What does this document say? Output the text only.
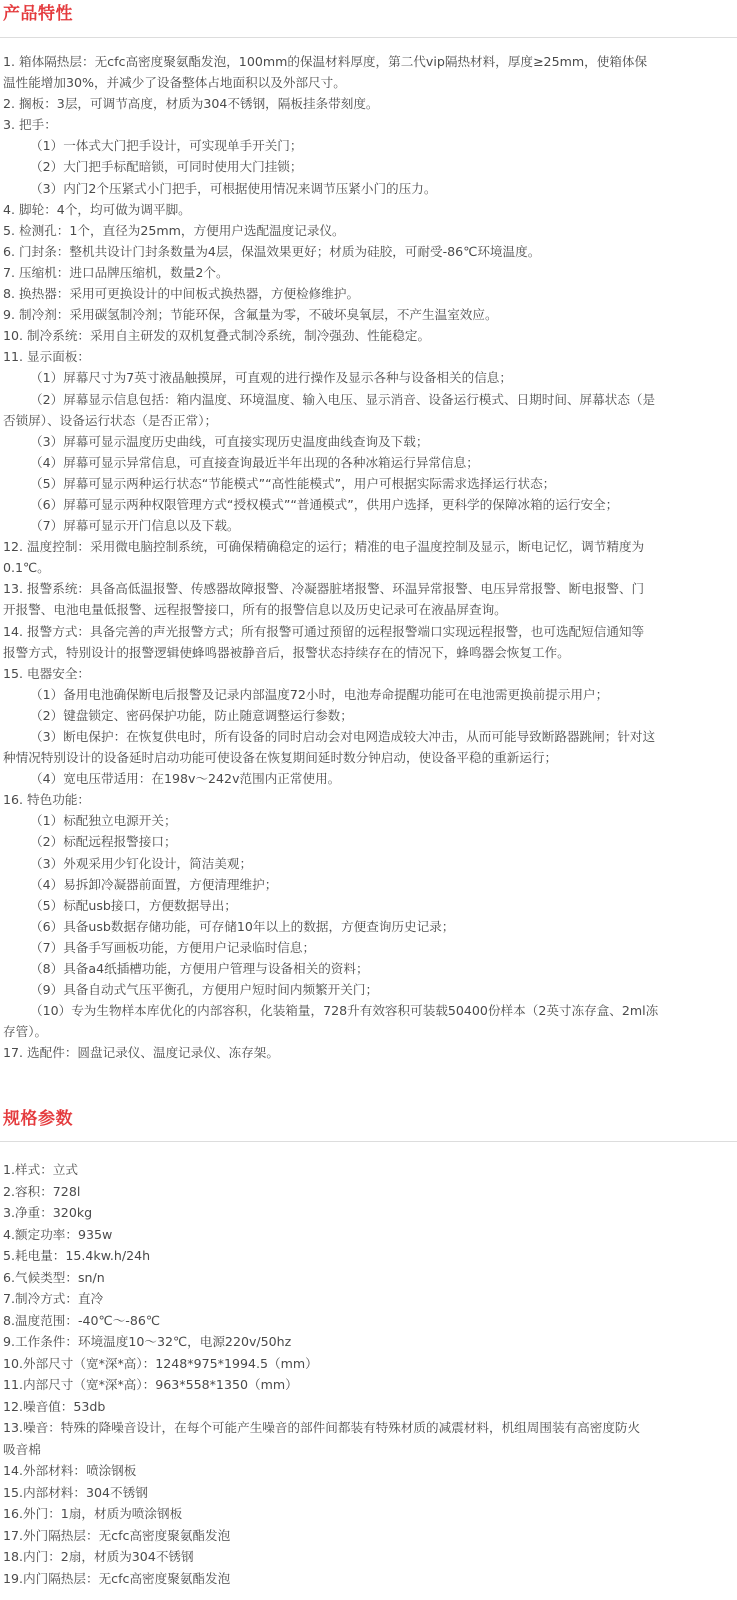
产品特性
1. 箱体隔热层：无cfc高密度聚氨酯发泡，100mm的保温材料厚度，第二代vip隔热材料，厚度≥25mm，使箱体保
温性能增加30%，并减少了设备整体占地面积以及外部尺寸。
2. 搁板：3层，可调节高度，材质为304不锈钢，隔板挂条带刻度。
3. 把手：
（1）一体式大门把手设计，可实现单手开关门；
（2）大门把手标配暗锁，可同时使用大门挂锁；
（3）内门2个压紧式小门把手，可根据使用情况来调节压紧小门的压力。
4. 脚轮：4个，均可做为调平脚。
5. 检测孔：1个，直径为25mm，方便用户选配温度记录仪。
6. 门封条：整机共设计门封条数量为4层，保温效果更好；材质为硅胶，可耐受-86℃环境温度。
7. 压缩机：进口品牌压缩机，数量2个。
8. 换热器：采用可更换设计的中间板式换热器，方便检修维护。
9. 制冷剂：采用碳氢制冷剂；节能环保，含氟量为零，不破坏臭氧层，不产生温室效应。
10. 制冷系统：采用自主研发的双机复叠式制冷系统，制冷强劲、性能稳定。
11. 显示面板：
（1）屏幕尺寸为7英寸液晶触摸屏，可直观的进行操作及显示各种与设备相关的信息；
（2）屏幕显示信息包括：箱内温度、环境温度、输入电压、显示消音、设备运行模式、日期时间、屏幕状态（是
否锁屏）、设备运行状态（是否正常）；
（3）屏幕可显示温度历史曲线，可直接实现历史温度曲线查询及下载；
（4）屏幕可显示异常信息，可直接查询最近半年出现的各种冰箱运行异常信息；
（5）屏幕可显示两种运行状态“节能模式”“高性能模式”，用户可根据实际需求选择运行状态；
（6）屏幕可显示两种权限管理方式“授权模式”“普通模式”，供用户选择，更科学的保障冰箱的运行安全；
（7）屏幕可显示开门信息以及下载。
12. 温度控制：采用微电脑控制系统，可确保精确稳定的运行；精准的电子温度控制及显示，断电记忆，调节精度为
0.1℃。
13. 报警系统：具备高低温报警、传感器故障报警、冷凝器脏堵报警、环温异常报警、电压异常报警、断电报警、门
开报警、电池电量低报警、远程报警接口，所有的报警信息以及历史记录可在液晶屏查询。
14. 报警方式：具备完善的声光报警方式；所有报警可通过预留的远程报警端口实现远程报警，也可选配短信通知等
报警方式，特别设计的报警逻辑使蜂鸣器被静音后，报警状态持续存在的情况下，蜂鸣器会恢复工作。
15. 电器安全：
（1）备用电池确保断电后报警及记录内部温度72小时，电池寿命提醒功能可在电池需更换前提示用户；
（2）键盘锁定、密码保护功能，防止随意调整运行参数；
（3）断电保护：在恢复供电时，所有设备的同时启动会对电网造成较大冲击，从而可能导致断路器跳闸；针对这
种情况特别设计的设备延时启动功能可使设备在恢复期间延时数分钟启动，使设备平稳的重新运行；
（4）宽电压带适用：在198v～242v范围内正常使用。
16. 特色功能：
（1）标配独立电源开关；
（2）标配远程报警接口；
（3）外观采用少钉化设计，简洁美观；
（4）易拆卸冷凝器前面置，方便清理维护；
（5）标配usb接口，方便数据导出；
（6）具备usb数据存储功能，可存储10年以上的数据，方便查询历史记录；
（7）具备手写画板功能，方便用户记录临时信息；
（8）具备a4纸插槽功能，方便用户管理与设备相关的资料；
（9）具备自动式气压平衡孔，方便用户短时间内频繁开关门；
（10）专为生物样本库优化的内部容积，化装箱量，728升有效容积可装载50400份样本（2英寸冻存盒、2ml冻
存管）。
17. 选配件：圆盘记录仪、温度记录仪、冻存架。
规格参数
1.样式：立式
2.容积：728l
3.净重：320kg
4.额定功率：935w
5.耗电量：15.4kw.h/24h
6.气候类型：sn/n
7.制冷方式：直冷
8.温度范围：-40℃～-86℃
9.工作条件：环境温度10～32℃，电源220v/50hz
10.外部尺寸（宽*深*高）：1248*975*1994.5（mm）
11.内部尺寸（宽*深*高）：963*558*1350（mm）
12.噪音值：53db
13.噪音：特殊的降噪音设计，在每个可能产生噪音的部件间都装有特殊材质的减震材料，机组周围装有高密度防火
吸音棉
14.外部材料：喷涂钢板
15.内部材料：304不锈钢
16.外门：1扇，材质为喷涂钢板
17.外门隔热层：无cfc高密度聚氨酯发泡
18.内门：2扇，材质为304不锈钢
19.内门隔热层：无cfc高密度聚氨酯发泡
